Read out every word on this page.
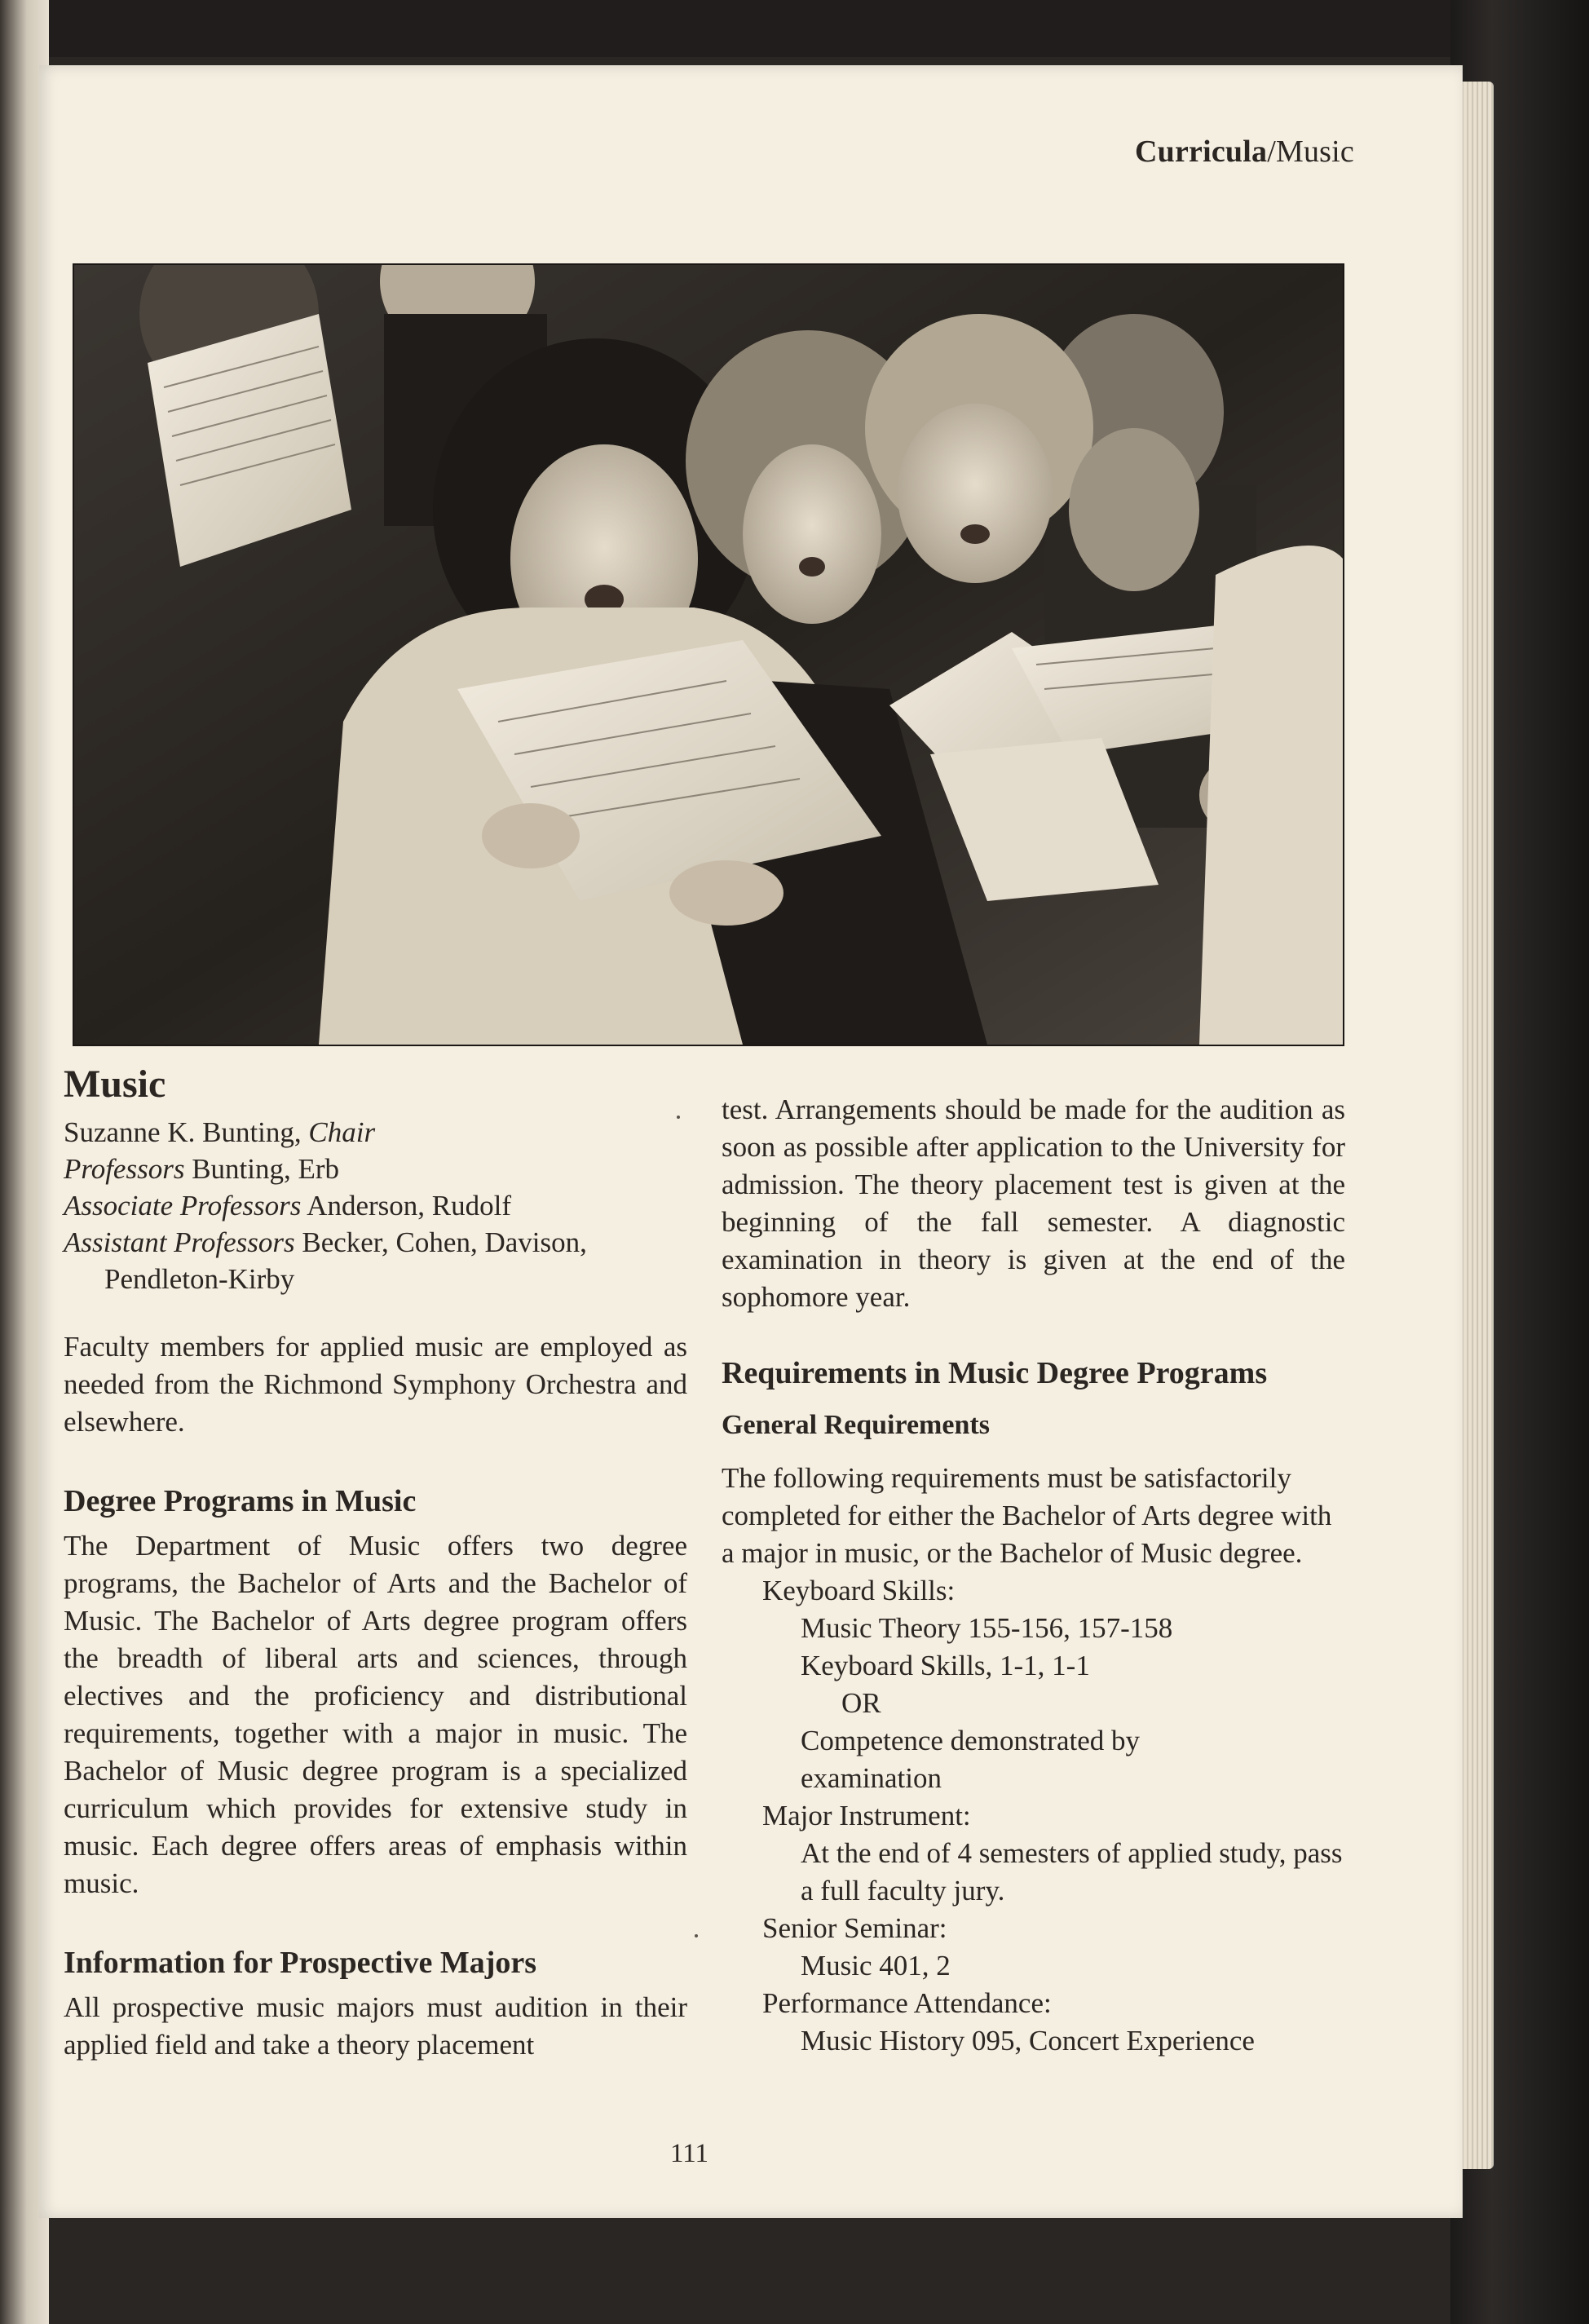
Curricula/Music
Music
Suzanne K. Bunting, Chair
Professors Bunting, Erb
Associate Professors Anderson, Rudolf
Assistant Professors Becker, Cohen, Davison,
Pendleton-Kirby

Faculty members for applied music are employed as needed from the Richmond Symphony Orchestra and elsewhere.

Degree Programs in Music

The Department of Music offers two degree programs, the Bachelor of Arts and the Bachelor of Music. The Bachelor of Arts degree program offers the breadth of liberal arts and sciences, through electives and the proficiency and distributional requirements, together with a major in music. The Bachelor of Music degree program is a specialized curriculum which provides for extensive study in music. Each degree offers areas of emphasis within music.

Information for Prospective Majors

All prospective music majors must audition in their applied field and take a theory placement

test. Arrangements should be made for the audition as soon as possible after application to the University for admission. The theory placement test is given at the beginning of the fall semester. A diagnostic examination in theory is given at the end of the sophomore year.

Requirements in Music Degree Programs
General Requirements

The following requirements must be satisfactorily completed for either the Bachelor of Arts degree with a major in music, or the Bachelor of Music degree.

Keyboard Skills:
Music Theory 155-156, 157-158
Keyboard Skills, 1-1, 1-1
OR
Competence demonstrated by examination
Major Instrument:
At the end of 4 semesters of applied study, pass a full faculty jury.
Senior Seminar:
Music 401, 2
Performance Attendance:
Music History 095, Concert Experience
111
